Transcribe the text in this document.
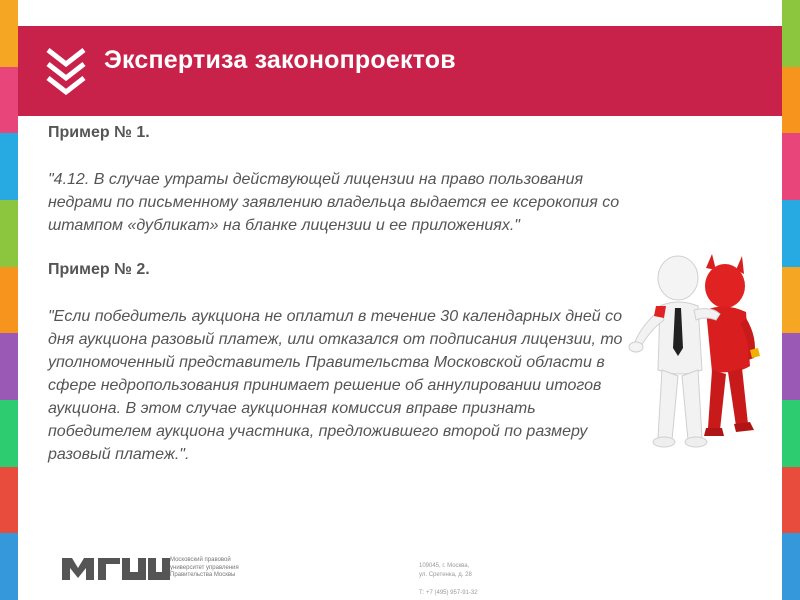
Экспертиза законопроектов

Пример № 1.

"4.12. В случае утраты действующей лицензии на право пользования недрами по письменному заявлению владельца выдается ее ксерокопия со штампом «дубликат» на бланке лицензии и ее приложениях."

Пример № 2.

"Если победитель аукциона не оплатил в течение 30 календарных дней со дня аукциона разовый платеж, или отказался от подписания лицензии, то уполномоченный представитель Правительства Московской области в сфере недропользования принимает решение об аннулировании итогов аукциона. В этом случае аукционная комиссия вправе признать победителем аукциона участника, предложившего второй по размеру разовый платеж.".

Московский правовой
университет управления
Правительства Москвы
109045, г. Москва,
ул. Сретенка, д. 28
Т: +7 (495) 957-91-32
